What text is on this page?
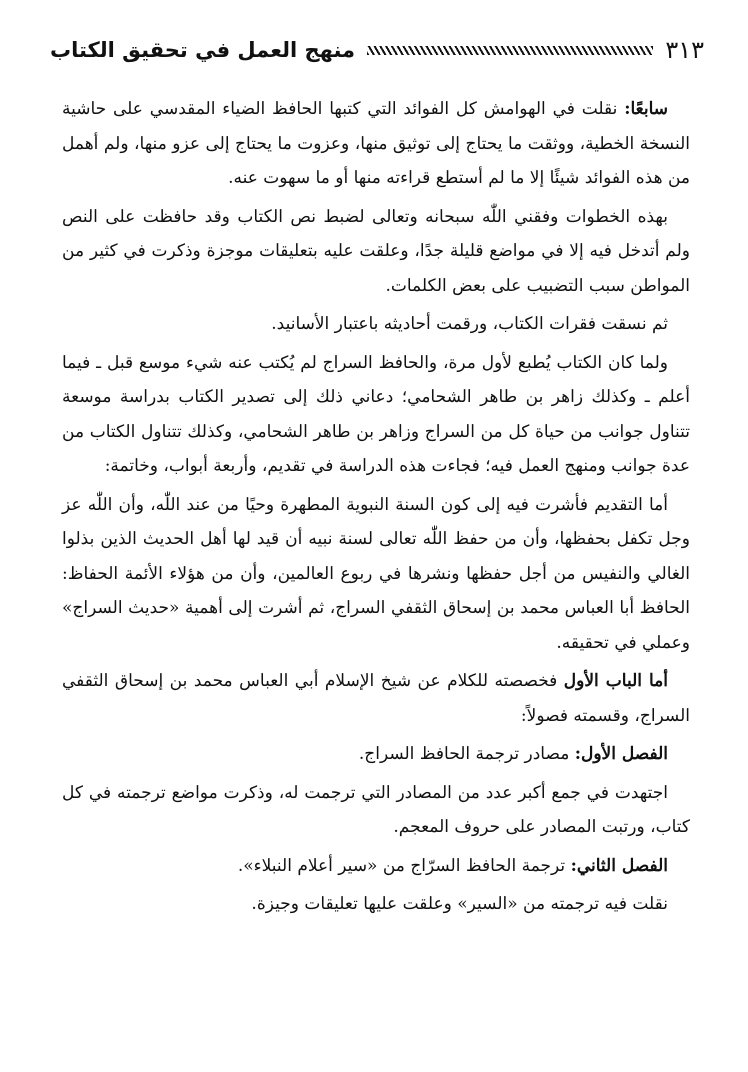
منهج العمل في تحقيق الكتاب	٣١٣

سابعًا: نقلت في الهوامش كل الفوائد التي كتبها الحافظ الضياء المقدسي على حاشية النسخة الخطية، ووثقت ما يحتاج إلى توثيق منها، وعزوت ما يحتاج إلى عزو منها، ولم أهمل من هذه الفوائد شيئًا إلا ما لم أستطع قراءته منها أو ما سهوت عنه.

بهذه الخطوات وفقني اللّٰه سبحانه وتعالى لضبط نص الكتاب وقد حافظت على النص ولم أتدخل فيه إلا في مواضع قليلة جدًا، وعلقت عليه بتعليقات موجزة وذكرت في كثير من المواطن سبب التضبيب على بعض الكلمات.

ثم نسقت فقرات الكتاب، ورقمت أحاديثه باعتبار الأسانيد.

ولما كان الكتاب يُطبع لأول مرة، والحافظ السراج لم يُكتب عنه شيء موسع قبل ـ فيما أعلم ـ وكذلك زاهر بن طاهر الشحامي؛ دعاني ذلك إلى تصدير الكتاب بدراسة موسعة تتناول جوانب من حياة كل من السراج وزاهر بن طاهر الشحامي، وكذلك تتناول الكتاب من عدة جوانب ومنهج العمل فيه؛ فجاءت هذه الدراسة في تقديم، وأربعة أبواب، وخاتمة:

أما التقديم فأشرت فيه إلى كون السنة النبوية المطهرة وحيًا من عند اللّٰه، وأن اللّٰه عز وجل تكفل بحفظها، وأن من حفظ اللّٰه تعالى لسنة نبيه أن قيد لها أهل الحديث الذين بذلوا الغالي والنفيس من أجل حفظها ونشرها في ربوع العالمين، وأن من هؤلاء الأئمة الحفاظ: الحافظ أبا العباس محمد بن إسحاق الثقفي السراج، ثم أشرت إلى أهمية «حديث السراج» وعملي في تحقيقه.

أما الباب الأول فخصصته للكلام عن شيخ الإسلام أبي العباس محمد بن إسحاق الثقفي السراج، وقسمته فصولاً:

الفصل الأول: مصادر ترجمة الحافظ السراج.

اجتهدت في جمع أكبر عدد من المصادر التي ترجمت له، وذكرت مواضع ترجمته في كل كتاب، ورتبت المصادر على حروف المعجم.

الفصل الثاني: ترجمة الحافظ السرّاج من «سير أعلام النبلاء».

نقلت فيه ترجمته من «السير» وعلقت عليها تعليقات وجيزة.
